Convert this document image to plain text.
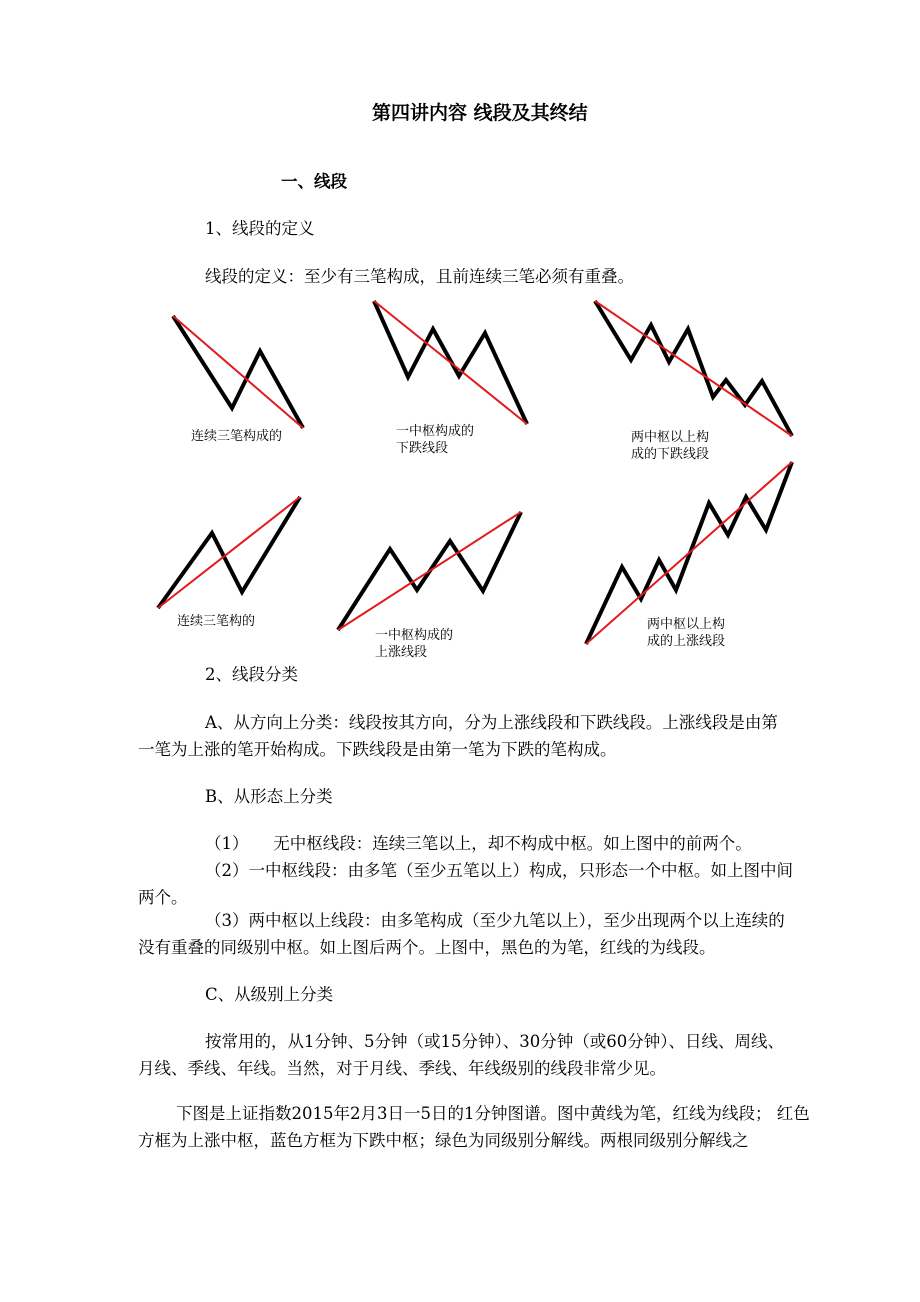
第四讲内容 线段及其终结
一、线段
1、线段的定义
线段的定义：至少有三笔构成，且前连续三笔必须有重叠。
连续三笔构成的	一中枢构成的
下跌线段
两中枢以上构
成的下跌线段
连续三笔构的
一中枢构成的
上涨线段
两中枢以上构
成的上涨线段
2、线段分类
A、从方向上分类：线段按其方向，分为上涨线段和下跌线段。上涨线段是由第
一笔为上涨的笔开始构成。下跌线段是由第一笔为下跌的笔构成。
B、从形态上分类
（1）　　无中枢线段：连续三笔以上，却不构成中枢。如上图中的前两个。
（2）一中枢线段：由多笔（至少五笔以上）构成，只形态一个中枢。如上图中间
两个。
（3）两中枢以上线段：由多笔构成（至少九笔以上），至少出现两个以上连续的
没有重叠的同级别中枢。如上图后两个。上图中，黑色的为笔，红线的为线段。
C、从级别上分类
按常用的，从1分钟、5分钟（或15分钟）、30分钟（或60分钟）、日线、周线、
月线、季线、年线。当然，对于月线、季线、年线级别的线段非常少见。
下图是上证指数2015年2月3日一5日的1分钟图谱。图中黄线为笔，红线为线段； 红色
方框为上涨中枢，蓝色方框为下跌中枢；绿色为同级别分解线。两根同级别分解线之
